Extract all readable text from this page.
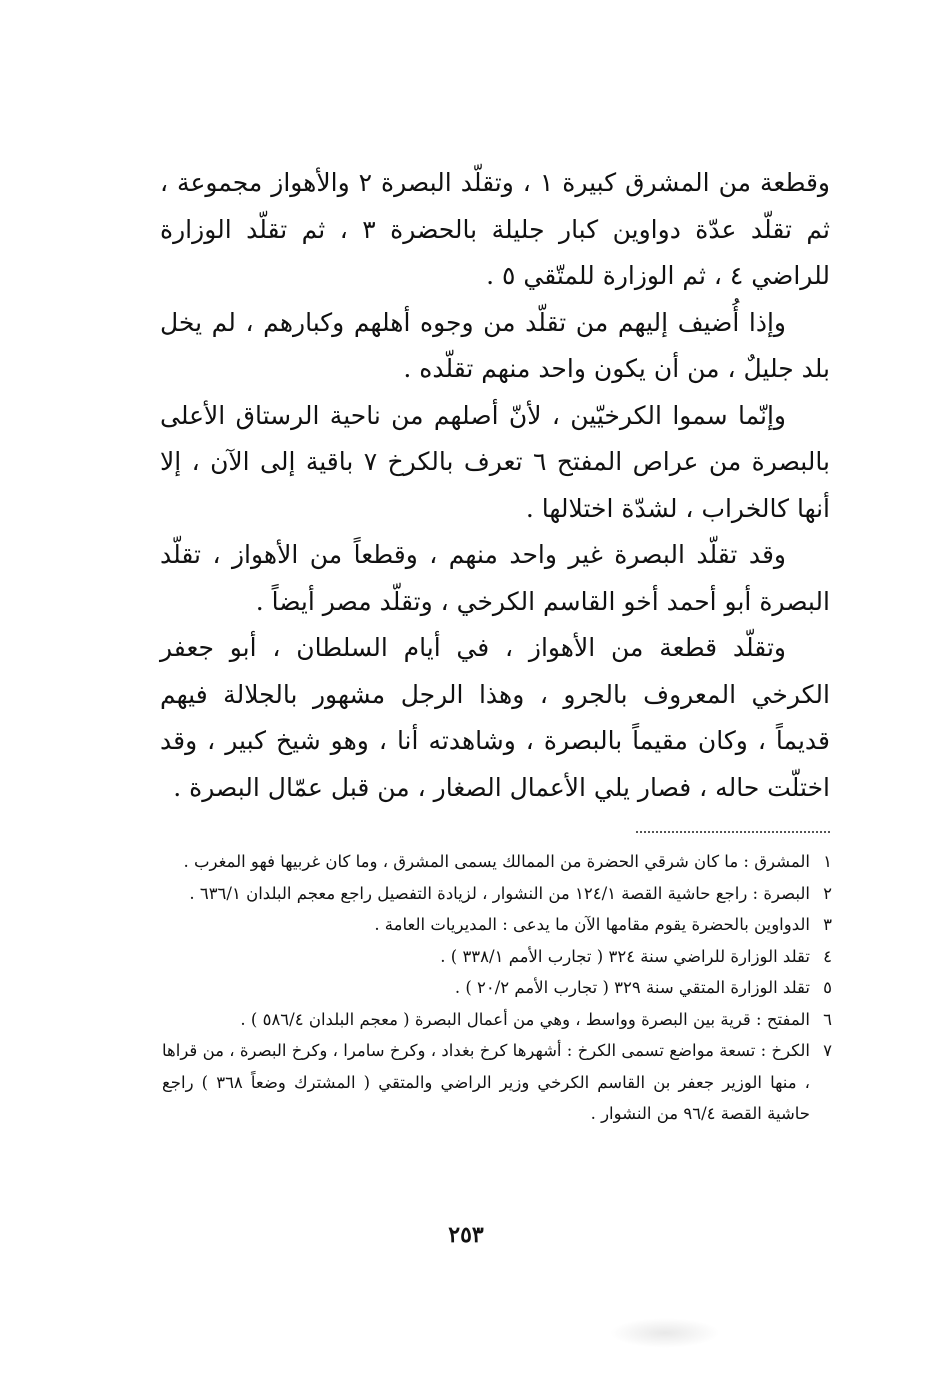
وقطعة من المشرق كبيرة ١ ، وتقلّد البصرة ٢ والأهواز مجموعة ، ثم تقلّد عدّة دواوين كبار جليلة بالحضرة ٣ ، ثم تقلّد الوزارة للراضي ٤ ، ثم الوزارة للمتّقي ٥ .

وإذا أُضيف إليهم من تقلّد من وجوه أهلهم وكبارهم ، لم يخل بلد جليلٌ ، من أن يكون واحد منهم تقلّده .

وإنّما سموا الكرخيّين ، لأنّ أصلهم من ناحية الرستاق الأعلى بالبصرة من عراص المفتح ٦ تعرف بالكرخ ٧ باقية إلى الآن ، إلا أنها كالخراب ، لشدّة اختلالها .

وقد تقلّد البصرة غير واحد منهم ، وقطعاً من الأهواز ، تقلّد البصرة أبو أحمد أخو القاسم الكرخي ، وتقلّد مصر أيضاً .

وتقلّد قطعة من الأهواز ، في أيام السلطان ، أبو جعفر الكرخي المعروف بالجرو ، وهذا الرجل مشهور بالجلالة فيهم قديماً ، وكان مقيماً بالبصرة ، وشاهدته أنا ، وهو شيخ كبير ، وقد اختلّت حاله ، فصار يلي الأعمال الصغار ، من قبل عمّال البصرة .

١
المشرق : ما كان شرقي الحضرة من الممالك يسمى المشرق ، وما كان غربيها فهو المغرب .
٢
البصرة : راجع حاشية القصة ١٢٤/١ من النشوار ، لزيادة التفصيل راجع معجم البلدان ٦٣٦/١ .
٣
الدواوين بالحضرة يقوم مقامها الآن ما يدعى : المديريات العامة .
٤
تقلد الوزارة للراضي سنة ٣٢٤ ( تجارب الأمم ٣٣٨/١ ) .
٥
تقلد الوزارة المتقي سنة ٣٢٩ ( تجارب الأمم ٢٠/٢ ) .
٦
المفتح : قرية بين البصرة وواسط ، وهي من أعمال البصرة ( معجم البلدان ٥٨٦/٤ ) .
٧
الكرخ : تسعة مواضع تسمى الكرخ : أشهرها كرخ بغداد ، وكرخ سامرا ، وكرخ البصرة ، من قراها ، منها الوزير جعفر بن القاسم الكرخي وزير الراضي والمتقي ( المشترك وضعاً ٣٦٨ ) راجع حاشية القصة ٩٦/٤ من النشوار .
٢٥٣
